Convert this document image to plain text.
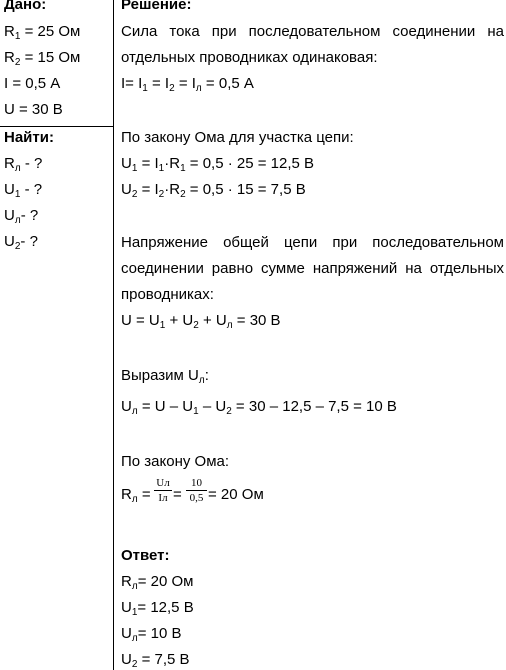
Дано:
$R_1 = 25$ Ом
$R_2 = 15$ Ом
I = 0,5 А
U = 30 В
Найти:
$R_л$ - ?
$U_1$ - ?
$U_л-$ ?
$U_2-$ ?
Решение:
Сила тока при последовательном соединении на
отдельных проводниках одинаковая:
$I= I_1 = I_2 = I_л = 0,5$ А
По закону Ома для участка цепи:
$U_1 = I_1\cdot R_1 = 0,5 \cdot 25 = 12,5$ В
$U_2 = I_2\cdot R_2 = 0,5 \cdot 15 = 7,5$ В
Напряжение общей цепи при последовательном
соединении равно сумме напряжений на отдельных
проводниках:
$U = U_1 + U_2 + U_л = 30$ В
Выразим $U_л$:
$U_л = U - U_1 - U_2 = 30 - 12,5 - 7,5 = 10$ В
По закону Ома:
$R_л$ =
Uл
Iл =
10
0,5 = 20 Ом
Ответ:
$R_л= 20$ Ом
$U_1= 12,5$ В
$U_л= 10$ В
$U_2 = 7,5$ В
